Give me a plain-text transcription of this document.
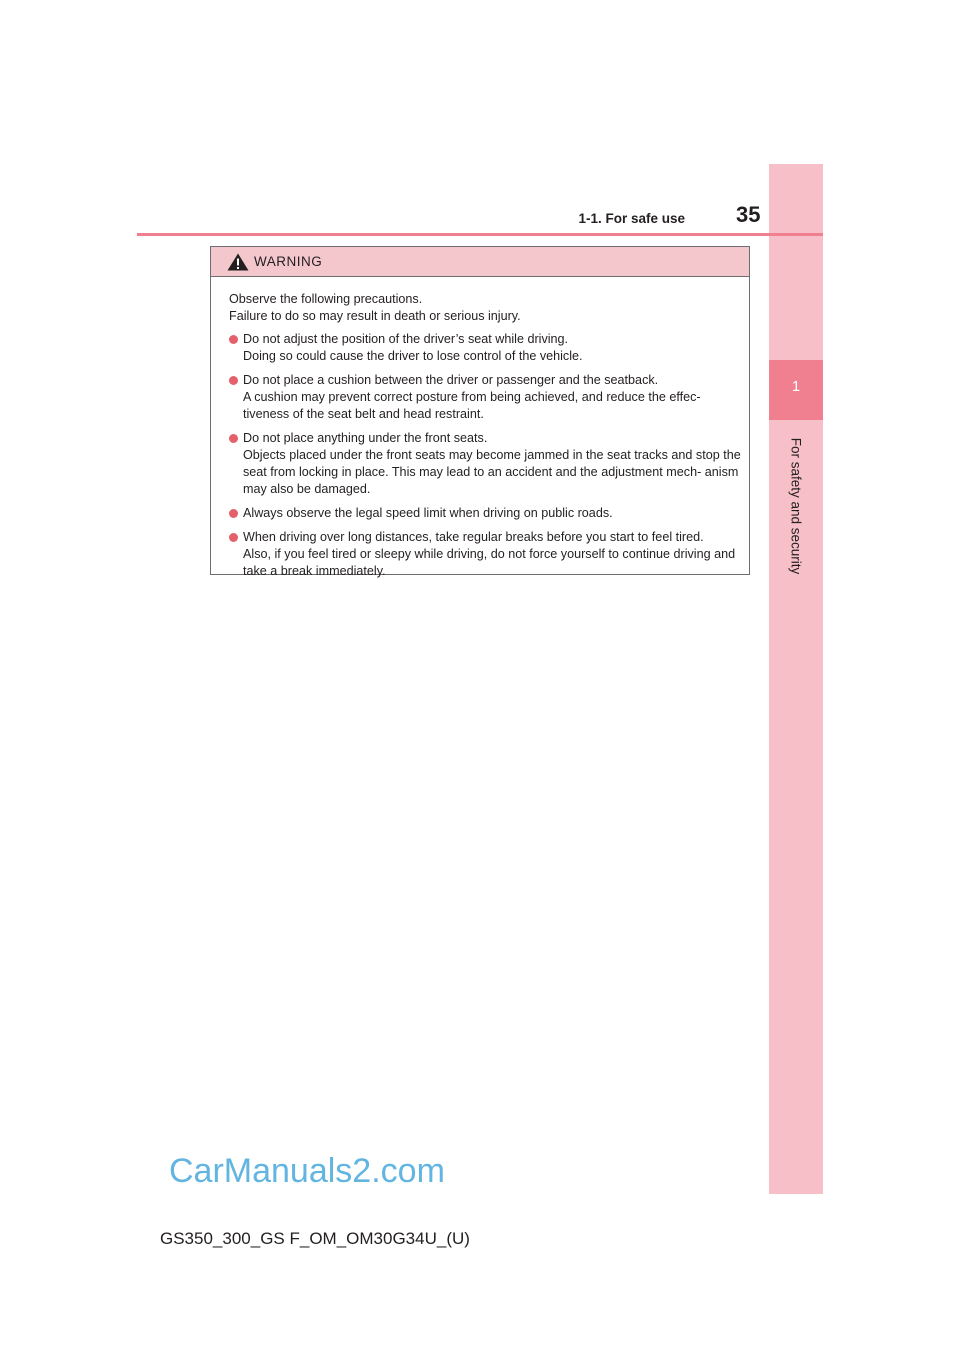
1
For safety and security
1-1. For safe use 35
WARNING
Observe the following precautions.
Failure to do so may result in death or serious injury.
Do not adjust the position of the driver’s seat while driving.
Doing so could cause the driver to lose control of the vehicle.
Do not place a cushion between the driver or passenger and the seatback.
A cushion may prevent correct posture from being achieved, and reduce the effec- tiveness of the seat belt and head restraint.
Do not place anything under the front seats.
Objects placed under the front seats may become jammed in the seat tracks and stop the seat from locking in place. This may lead to an accident and the adjustment mech- anism may also be damaged.
Always observe the legal speed limit when driving on public roads.
When driving over long distances, take regular breaks before you start to feel tired.
Also, if you feel tired or sleepy while driving, do not force yourself to continue driving and take a break immediately.
CarManuals2.com
GS350_300_GS F_OM_OM30G34U_(U)
